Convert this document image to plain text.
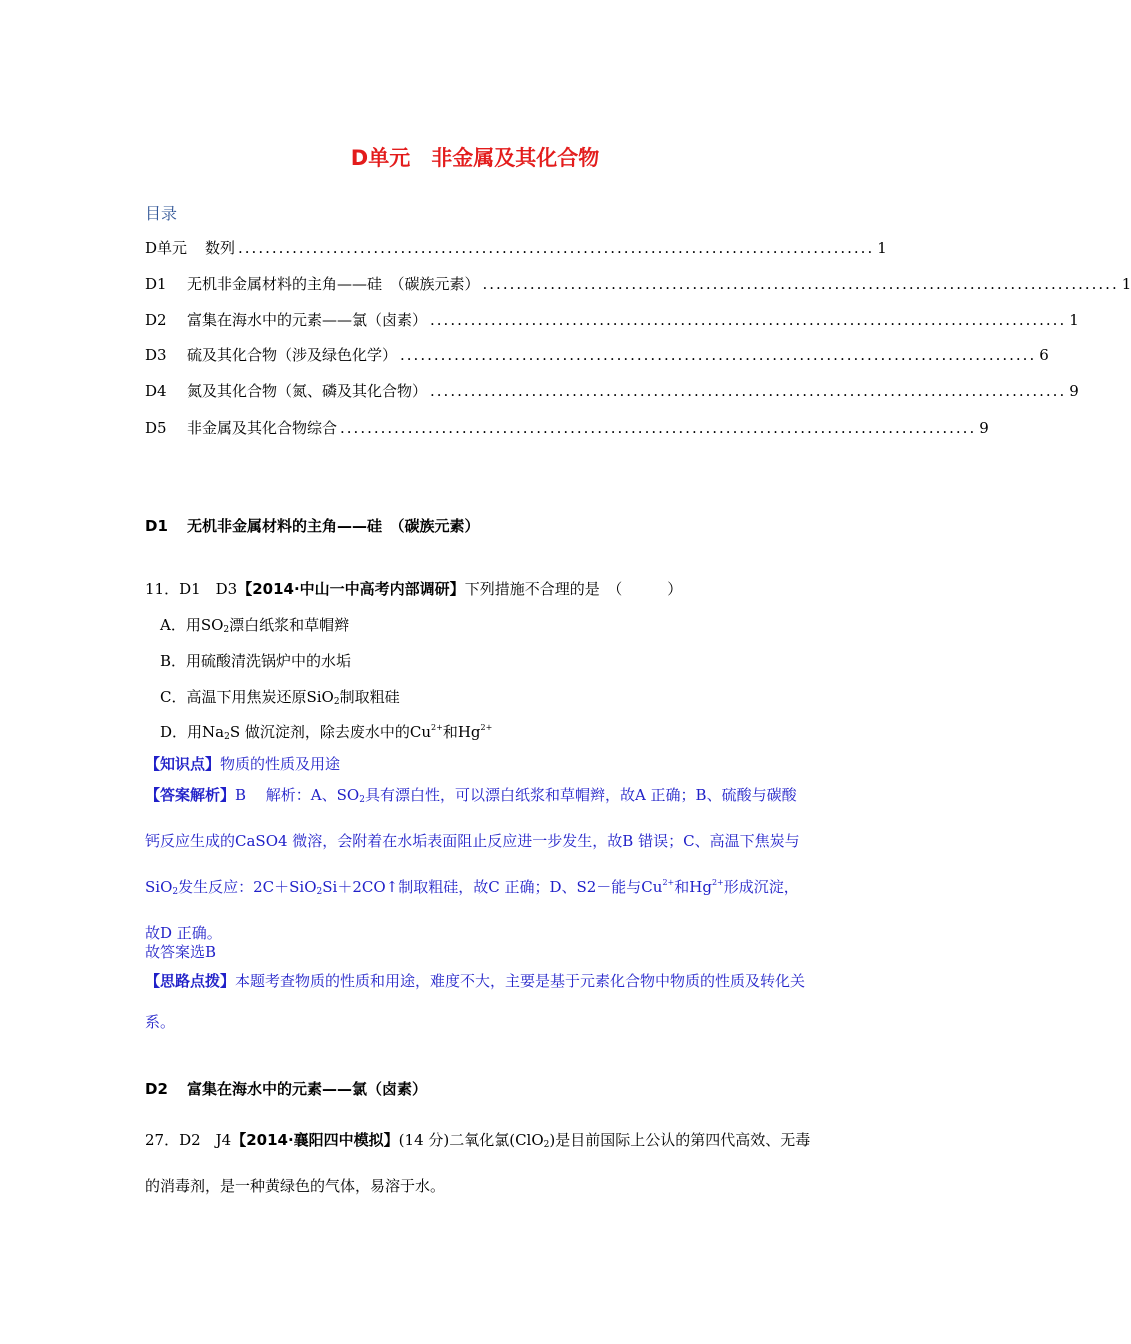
D单元　非金属及其化合物
目录
D单元	数列 .............................................................................................. 1
D1	无机非金属材料的主角——硅　（碳族元素） .............................................................................................. 1
D2	富集在海水中的元素——氯（卤素） .............................................................................................. 1
D3	硫及其化合物（涉及绿色化学） .............................................................................................. 6
D4	氮及其化合物（氮、磷及其化合物） .............................................................................................. 9
D5	非金属及其化合物综合 .............................................................................................. 9
D1 无机非金属材料的主角——硅　（碳族元素）
11．D1　D3【2014·中山一中高考内部调研】下列措施不合理的是　（　　　）
A．用$SO_2$漂白纸浆和草帽辫
B．用硫酸清洗锅炉中的水垢
C．高温下用焦炭还原SiO$_2$制取粗硅
D．用$Na_2S$ 做沉淀剂，除去废水中的$Cu^{2+}$和$Hg^{2+}$
【知识点】物质的性质及用途
【答案解析】B　 解析：A、$SO_2$具有漂白性，可以漂白纸浆和草帽辫，故A 正确；B、硫酸与碳酸钙反应生成的CaSO4 微溶，会附着在水垢表面阻止反应进一步发生，故B 错误；C、高温下焦炭与SiO$_2$发生反应：2C＋SiO$_2$Si＋2CO↑制取粗硅，故C 正确；D、S2－能与$Cu^{2+}$和$Hg^{2+}$形成沉淀，故D 正确。
故答案选B
【思路点拨】本题考查物质的性质和用途，难度不大，主要是基于元素化合物中物质的性质及转化关系。
D2 富集在海水中的元素——氯（卤素）
27．D2　J4【2014·襄阳四中模拟】(14 分)二氧化氯(ClO$_2$)是目前国际上公认的第四代高效、无毒的消毒剂，是一种黄绿色的气体，易溶于水。
